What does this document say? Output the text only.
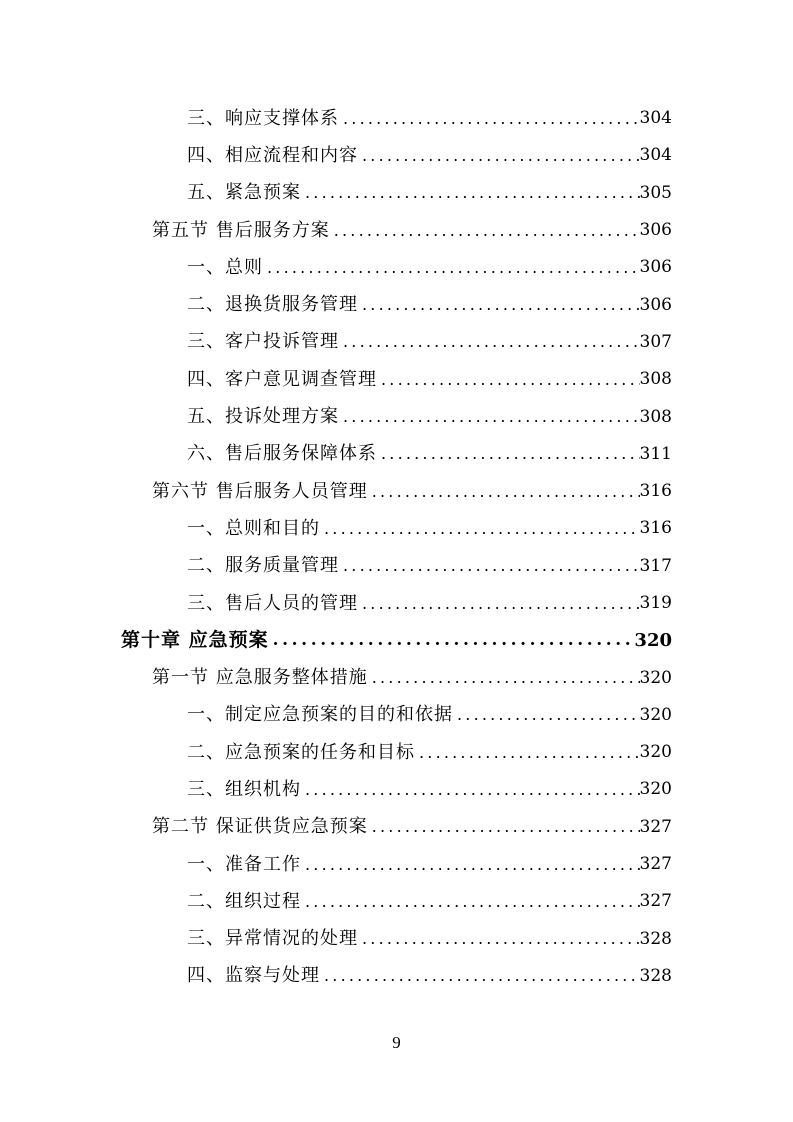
三、响应支撑体系 .....	304
四、相应流程和内容 .....	304
五、紧急预案 .....	305
第五节 售后服务方案 .....	306
一、总则 .....	306
二、退换货服务管理 .....	306
三、客户投诉管理 .....	307
四、客户意见调查管理 .....	308
五、投诉处理方案 .....	308
六、售后服务保障体系 .....	311
第六节 售后服务人员管理 .....	316
一、总则和目的 .....	316
二、服务质量管理 .....	317
三、售后人员的管理 .....	319
第十章 应急预案 .....	320
第一节 应急服务整体措施 .....	320
一、制定应急预案的目的和依据 .....	320
二、应急预案的任务和目标 .....	320
三、组织机构 .....	320
第二节 保证供货应急预案 .....	327
一、准备工作 .....	327
二、组织过程 .....	327
三、异常情况的处理 .....	328
四、监察与处理 .....	328
9
